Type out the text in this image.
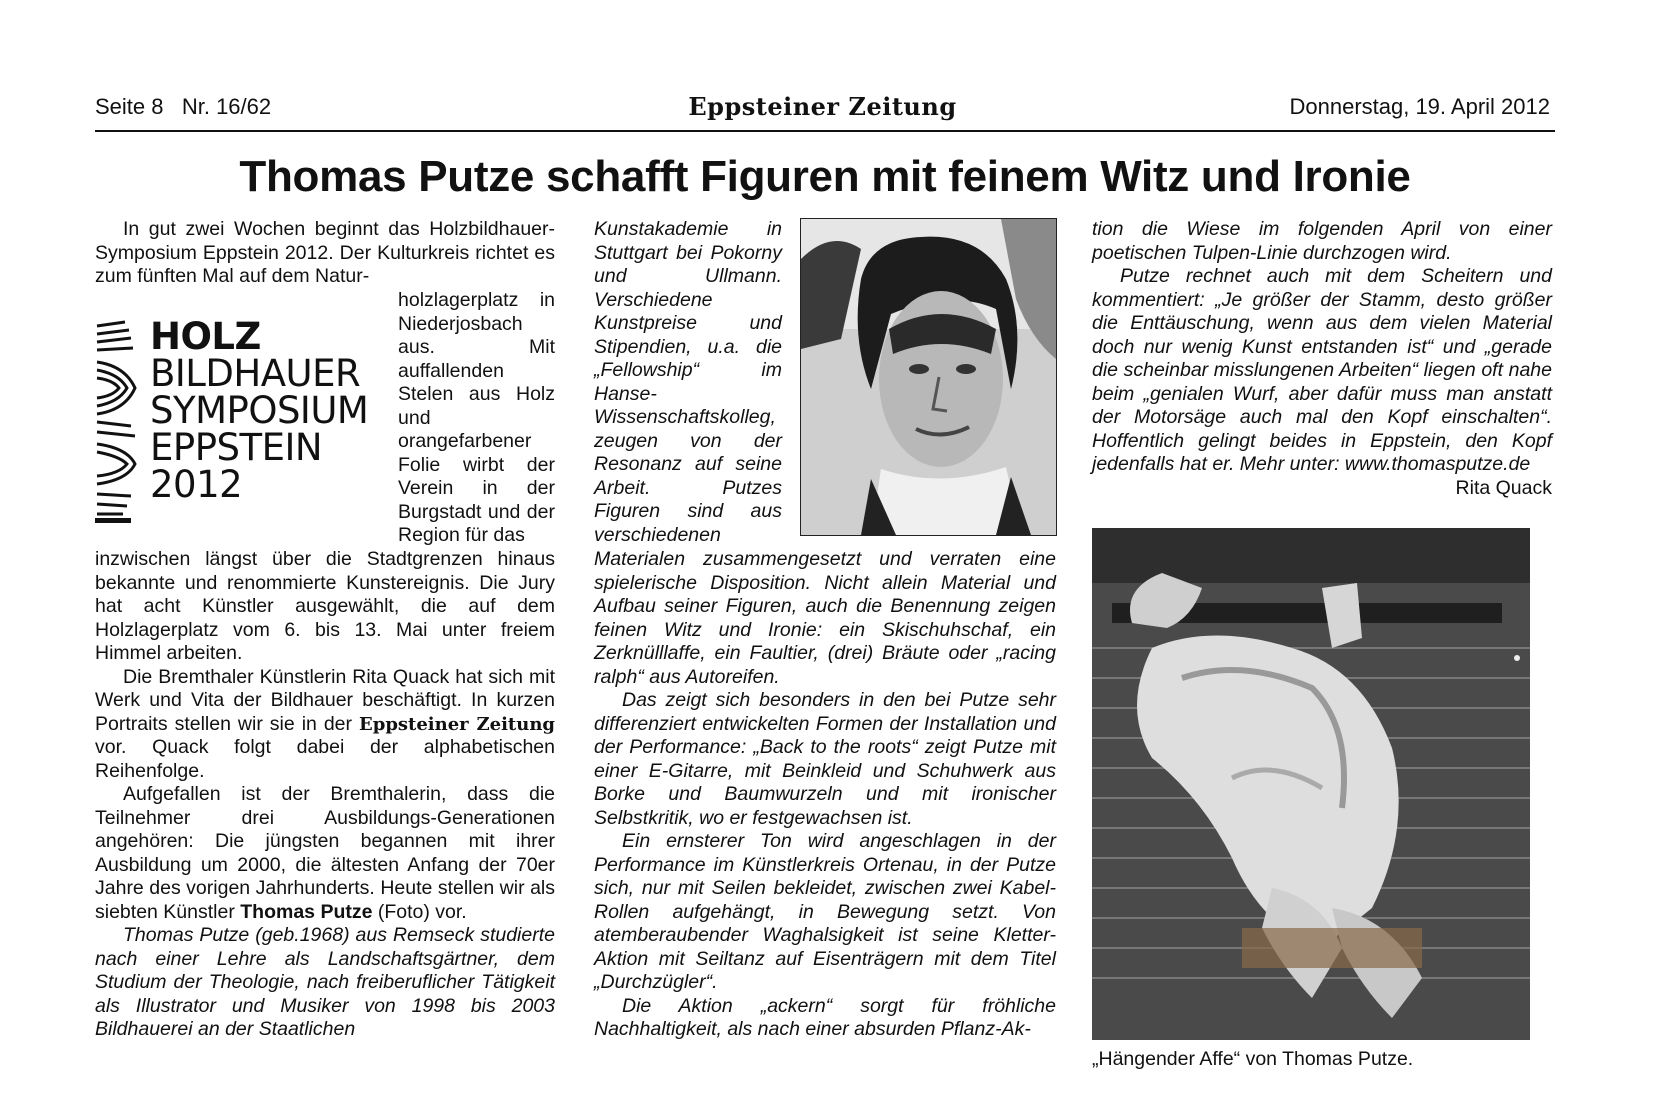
Seite 8 Nr. 16/62	Eppsteiner Zeitung	Donnerstag, 19. April 2012
Thomas Putze schafft Figuren mit feinem Witz und Ironie

In gut zwei Wochen beginnt das Holzbildhauer-Symposium Eppstein 2012. Der Kulturkreis richtet es zum fünften Mal auf dem Natur-

HOLZ
BILDHAUER
SYMPOSIUM
EPPSTEIN
2012

holzlagerplatz in Niederjosbach aus. Mit auffallenden Stelen aus Holz und orangefarbener Folie wirbt der Verein in der Burgstadt und der Region für das

inzwischen längst über die Stadtgrenzen hinaus bekannte und renommierte Kunstereignis. Die Jury hat acht Künstler ausgewählt, die auf dem Holzlagerplatz vom 6. bis 13. Mai unter freiem Himmel arbeiten.

Die Bremthaler Künstlerin Rita Quack hat sich mit Werk und Vita der Bildhauer beschäftigt. In kurzen Portraits stellen wir sie in der Eppsteiner Zeitung vor. Quack folgt dabei der alphabetischen Reihenfolge.

Aufgefallen ist der Bremthalerin, dass die Teilnehmer drei Ausbildungs-Generationen angehören: Die jüngsten begannen mit ihrer Ausbildung um 2000, die ältesten Anfang der 70er Jahre des vorigen Jahrhunderts. Heute stellen wir als siebten Künstler Thomas Putze (Foto) vor.

Thomas Putze (geb.1968) aus Remseck studierte nach einer Lehre als Landschaftsgärtner, dem Studium der Theologie, nach freiberuflicher Tätigkeit als Illustrator und Musiker von 1998 bis 2003 Bildhauerei an der Staatlichen

Kunstakademie in Stuttgart bei Pokorny und Ullmann. Verschiedene Kunstpreise und Stipendien, u.a. die „Fellowship“ im Hanse-Wissenschaftskolleg, zeugen von der Resonanz auf seine Arbeit. Putzes Figuren sind aus verschiedenen

Materialen zusammengesetzt und verraten eine spielerische Disposition. Nicht allein Material und Aufbau seiner Figuren, auch die Benennung zeigen feinen Witz und Ironie: ein Skischuhschaf, ein Zerknülllaffe, ein Faultier, (drei) Bräute oder „racing ralph“ aus Autoreifen.

Das zeigt sich besonders in den bei Putze sehr differenziert entwickelten Formen der Installation und der Performance: „Back to the roots“ zeigt Putze mit einer E-Gitarre, mit Beinkleid und Schuhwerk aus Borke und Baumwurzeln und mit ironischer Selbstkritik, wo er festgewachsen ist.

Ein ernsterer Ton wird angeschlagen in der Performance im Künstlerkreis Ortenau, in der Putze sich, nur mit Seilen bekleidet, zwischen zwei Kabel-Rollen aufgehängt, in Bewegung setzt. Von atemberaubender Waghalsigkeit ist seine Kletter-Aktion mit Seiltanz auf Eisenträgern mit dem Titel „Durchzügler“.

Die Aktion „ackern“ sorgt für fröhliche Nachhaltigkeit, als nach einer absurden Pflanz-Ak-

tion die Wiese im folgenden April von einer poetischen Tulpen-Linie durchzogen wird.

Putze rechnet auch mit dem Scheitern und kommentiert: „Je größer der Stamm, desto größer die Enttäuschung, wenn aus dem vielen Material doch nur wenig Kunst entstanden ist“ und „gerade die scheinbar misslungenen Arbeiten“ liegen oft nahe beim „genialen Wurf, aber dafür muss man anstatt der Motorsäge auch mal den Kopf einschalten“. Hoffentlich gelingt beides in Eppstein, den Kopf jedenfalls hat er. Mehr unter: www.thomasputze.de
Rita Quack

„Hängender Affe“ von Thomas Putze.
